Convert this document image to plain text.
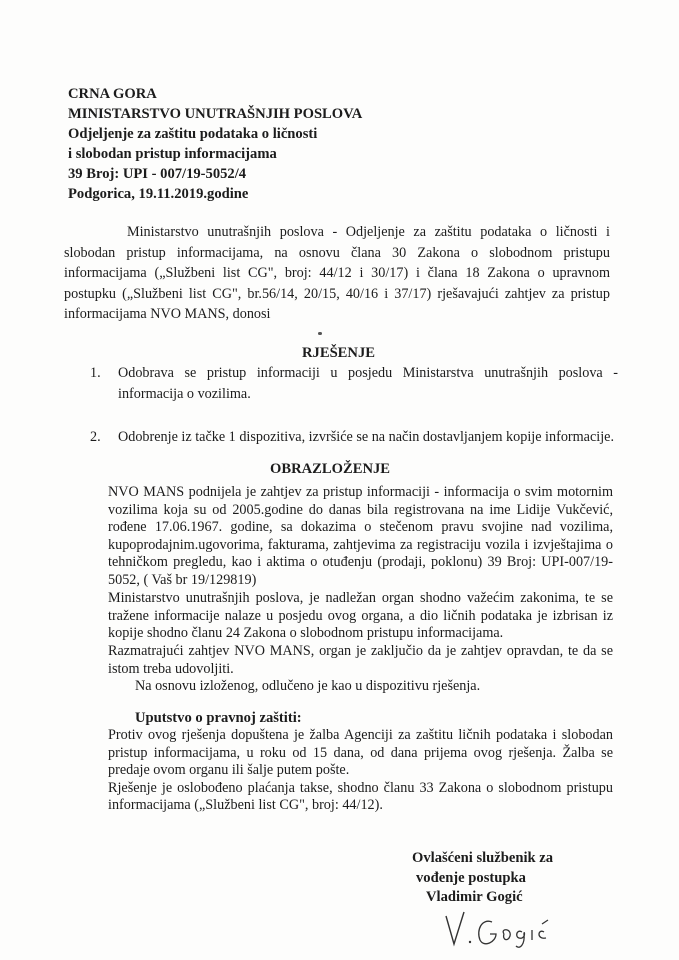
CRNA GORA
MINISTARSTVO UNUTRAŠNJIH POSLOVA
Odjeljenje za zaštitu podataka o ličnosti
i slobodan pristup informacijama
39 Broj: UPI - 007/19-5052/4
Podgorica, 19.11.2019.godine

Ministarstvo unutrašnjih poslova - Odjeljenje za zaštitu podataka o ličnosti i slobodan pristup informacijama, na osnovu člana 30 Zakona o slobodnom pristupu informacijama („Službeni list CG", broj: 44/12 i 30/17) i člana 18 Zakona o upravnom postupku („Službeni list CG", br.56/14, 20/15, 40/16 i 37/17) rješavajući zahtjev za pristup informacijama NVO MANS, donosi

RJEŠENJE
1. Odobrava se pristup informaciji u posjedu Ministarstva unutrašnjih poslova - informacija o vozilima.
2. Odobrenje iz tačke 1 dispozitiva, izvršiće se na način dostavljanjem kopije informacije.
OBRAZLOŽENJE
NVO MANS podnijela je zahtjev za pristup informaciji - informacija o svim motornim vozilima koja su od 2005.godine do danas bila registrovana na ime Lidije Vukčević, rođene 17.06.1967. godine, sa dokazima o stečenom pravu svojine nad vozilima, kupoprodajnim.ugovorima, fakturama, zahtjevima za registraciju vozila i izvještajima o tehničkom pregledu, kao i aktima o otuđenju (prodaji, poklonu) 39 Broj: UPI-007/19-5052, ( Vaš br 19/129819)
Ministarstvo unutrašnjih poslova, je nadležan organ shodno važećim zakonima, te se tražene informacije nalaze u posjedu ovog organa, a dio ličnih podataka je izbrisan iz kopije shodno članu 24 Zakona o slobodnom pristupu informacijama.
Razmatrajući zahtjev NVO MANS, organ je zaključio da je zahtjev opravdan, te da se istom treba udovoljiti.
Na osnovu izloženog, odlučeno je kao u dispozitivu rješenja.
Uputstvo o pravnoj zaštiti:

Protiv ovog rješenja dopuštena je žalba Agenciji za zaštitu ličnih podataka i slobodan pristup informacijama, u roku od 15 dana, od dana prijema ovog rješenja. Žalba se predaje ovom organu ili šalje putem pošte.

Rješenje je oslobođeno plaćanja takse, shodno članu 33 Zakona o slobodnom pristupu informacijama („Službeni list CG", broj: 44/12).

Ovlašćeni službenik za
vođenje postupka
Vladimir Gogić
